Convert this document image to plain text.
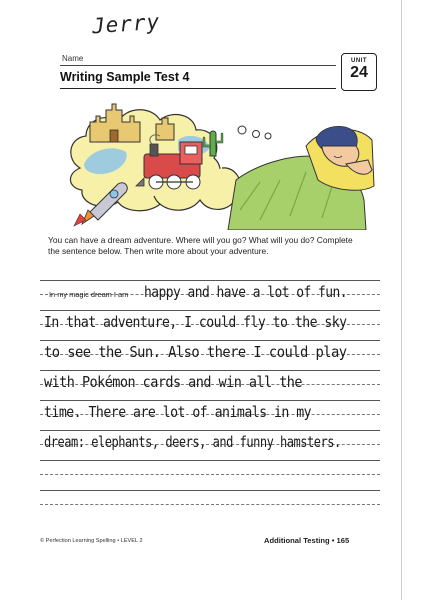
Jerry
Name
Writing Sample Test 4
UNIT
24
You can have a dream adventure. Where will you go? What will you do? Complete the sentence below. Then write more about your adventure.
In my magic dream I am happy and have a lot of fun.
In that adventure, I could fly to the sky
to see the Sun. Also there I could play
with Pokémon cards and win all the
time. There are lot of animals in my
dream: elephants, deers, and funny hamsters.
© Perfection Learning Spelling • LEVEL 2	Additional Testing • 165
